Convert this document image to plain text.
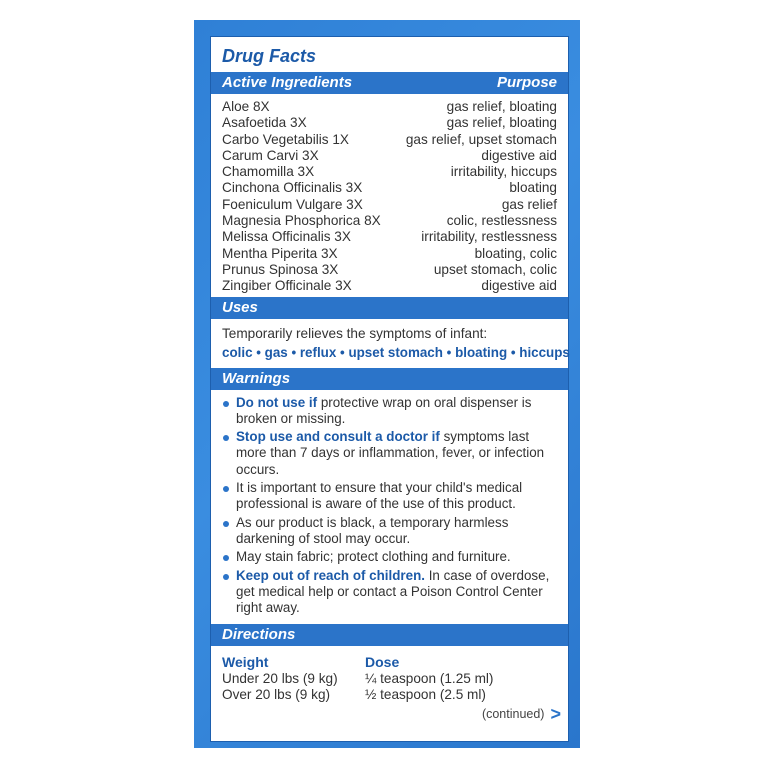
Drug Facts
Active Ingredients	Purpose
Aloe 8X	gas relief, bloating
Asafoetida 3X	gas relief, bloating
Carbo Vegetabilis 1X	gas relief, upset stomach
Carum Carvi 3X	digestive aid
Chamomilla 3X	irritability, hiccups
Cinchona Officinalis 3X	bloating
Foeniculum Vulgare 3X	gas relief
Magnesia Phosphorica 8X	colic, restlessness
Melissa Officinalis 3X	irritability, restlessness
Mentha Piperita 3X	bloating, colic
Prunus Spinosa 3X	upset stomach, colic
Zingiber Officinale 3X	digestive aid
Uses
Temporarily relieves the symptoms of infant:
colic • gas • reflux • upset stomach • bloating • hiccups
Warnings
Do not use if protective wrap on oral dispenser is broken or missing.
Stop use and consult a doctor if symptoms last more than 7 days or inflammation, fever, or infection occurs.
It is important to ensure that your child's medical professional is aware of the use of this product.
As our product is black, a temporary harmless darkening of stool may occur.
May stain fabric; protect clothing and furniture.
Keep out of reach of children. In case of overdose, get medical help or contact a Poison Control Center right away.
Directions
Weight	Dose
Under 20 lbs (9 kg)	¼ teaspoon (1.25 ml)
Over 20 lbs (9 kg)	½ teaspoon (2.5 ml)
(continued) >
